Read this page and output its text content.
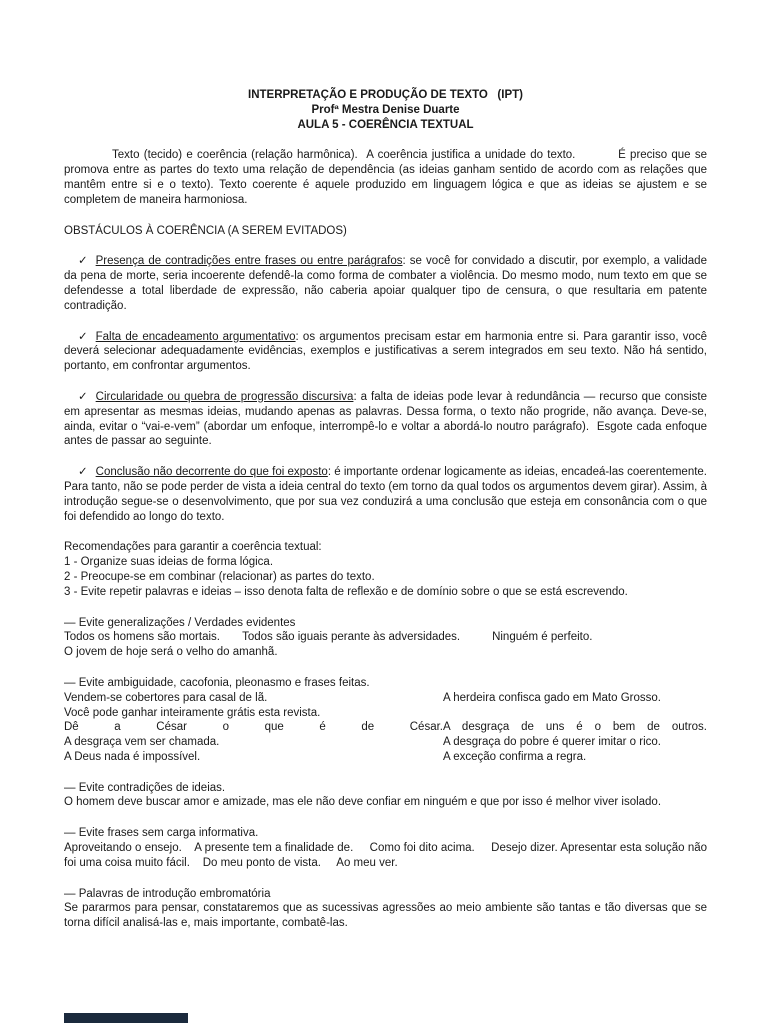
INTERPRETAÇÃO E PRODUÇÃO DE TEXTO   (IPT)

Profª Mestra Denise Duarte

AULA 5 - COERÊNCIA TEXTUAL

Texto (tecido) e coerência (relação harmônica).  A coerência justifica a unidade do texto.          É preciso que se promova entre as partes do texto uma relação de dependência (as ideias ganham sentido de acordo com as relações que mantêm entre si e o texto). Texto coerente é aquele produzido em linguagem lógica e que as ideias se ajustem e se completem de maneira harmoniosa.

OBSTÁCULOS À COERÊNCIA (A SEREM EVITADOS)

✓ Presença de contradições entre frases ou entre parágrafos: se você for convidado a discutir, por exemplo, a validade da pena de morte, seria incoerente defendê-la como forma de combater a violência. Do mesmo modo, num texto em que se defendesse a total liberdade de expressão, não caberia apoiar qualquer tipo de censura, o que resultaria em patente contradição.

✓ Falta de encadeamento argumentativo: os argumentos precisam estar em harmonia entre si. Para garantir isso, você deverá selecionar adequadamente evidências, exemplos e justificativas a serem integrados em seu texto. Não há sentido, portanto, em confrontar argumentos.

✓ Circularidade ou quebra de progressão discursiva: a falta de ideias pode levar à redundância — recurso que consiste em apresentar as mesmas ideias, mudando apenas as palavras. Dessa forma, o texto não progride, não avança. Deve-se, ainda, evitar o “vai-e-vem” (abordar um enfoque, interrompê-lo e voltar a abordá-lo noutro parágrafo).  Esgote cada enfoque antes de passar ao seguinte.

✓ Conclusão não decorrente do que foi exposto: é importante ordenar logicamente as ideias, encadeá-las coerentemente. Para tanto, não se pode perder de vista a ideia central do texto (em torno da qual todos os argumentos devem girar). Assim, à introdução segue-se o desenvolvimento, que por sua vez conduzirá a uma conclusão que esteja em consonância com o que foi defendido ao longo do texto.

Recomendações para garantir a coerência textual:

1 - Organize suas ideias de forma lógica.

2 - Preocupe-se em combinar (relacionar) as partes do texto.

3 - Evite repetir palavras e ideias – isso denota falta de reflexão e de domínio sobre o que se está escrevendo.

— Evite generalizações / Verdades evidentes

Todos os homens são mortais.       Todos são iguais perante às adversidades.          Ninguém é perfeito.

O jovem de hoje será o velho do amanhã.

— Evite ambiguidade, cacofonia, pleonasmo e frases feitas.

Vendem-se cobertores para casal de lã.	A herdeira confisca gado em Mato Grosso.
Você pode ganhar inteiramente grátis esta revista.
Dê a César o que é de César. A desgraça de uns é o bem de outros.
A desgraça vem ser chamada.	A desgraça do pobre é querer imitar o rico.
A Deus nada é impossível.	A exceção confirma a regra.

— Evite contradições de ideias.

O homem deve buscar amor e amizade, mas ele não deve confiar em ninguém e que por isso é melhor viver isolado.

— Evite frases sem carga informativa.

Aproveitando o ensejo.    A presente tem a finalidade de.     Como foi dito acima.     Desejo dizer. Apresentar esta solução não foi uma coisa muito fácil.    Do meu ponto de vista.     Ao meu ver.

— Palavras de introdução embromatória

Se pararmos para pensar, constataremos que as sucessivas agressões ao meio ambiente são tantas e tão diversas que se torna difícil analisá-las e, mais importante, combatê-las.
